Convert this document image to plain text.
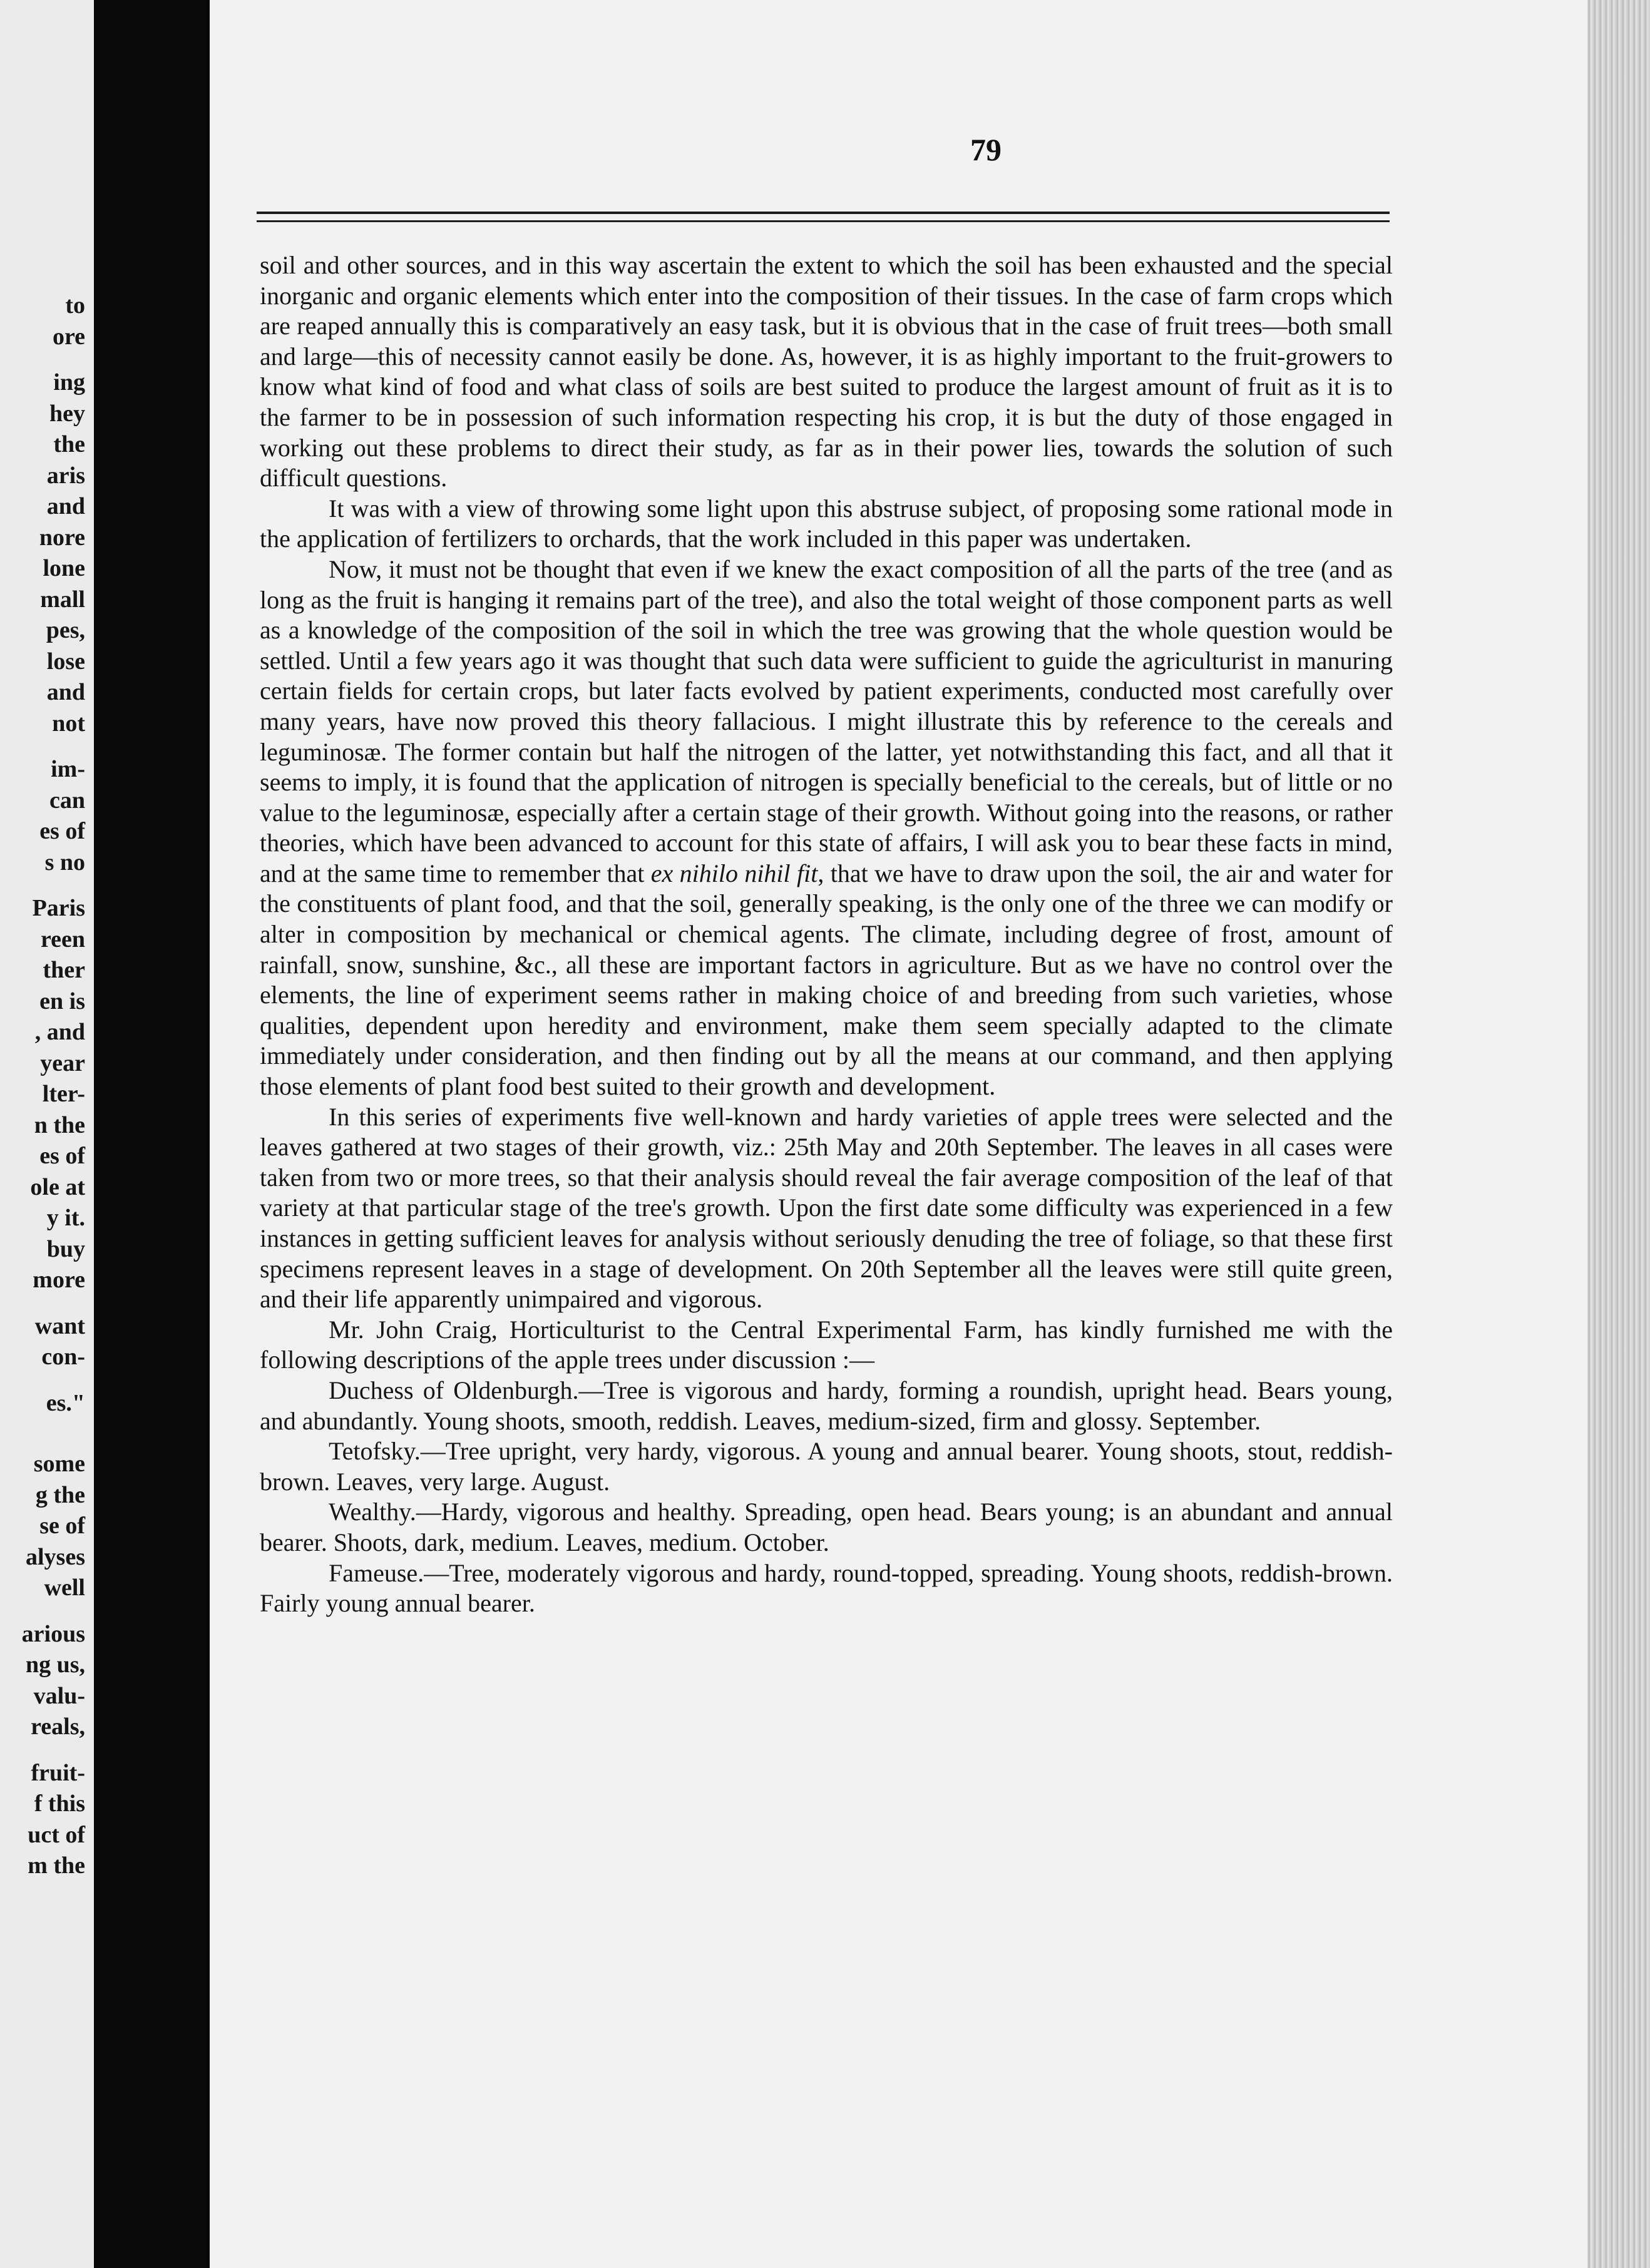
to
ore
ing
hey
the
aris
and
nore
lone
mall
pes,
lose
and
not
im-
can
es of
s no
Paris
reen
ther
en is
, and
year
lter-
n the
es of
ole at
y it.
buy
more
want
con-
es."
some
g the
se of
alyses
well
arious
ng us,
valu-
reals,
fruit-
f this
uct of
m the
79

soil and other sources, and in this way ascertain the extent to which the soil has been exhausted and the special inorganic and organic elements which enter into the composition of their tissues. In the case of farm crops which are reaped annually this is comparatively an easy task, but it is obvious that in the case of fruit trees—both small and large—this of necessity cannot easily be done. As, however, it is as highly important to the fruit-growers to know what kind of food and what class of soils are best suited to produce the largest amount of fruit as it is to the farmer to be in possession of such information respecting his crop, it is but the duty of those engaged in working out these problems to direct their study, as far as in their power lies, towards the solution of such difficult questions.

It was with a view of throwing some light upon this abstruse subject, of proposing some rational mode in the application of fertilizers to orchards, that the work included in this paper was undertaken.

Now, it must not be thought that even if we knew the exact composition of all the parts of the tree (and as long as the fruit is hanging it remains part of the tree), and also the total weight of those component parts as well as a knowledge of the composition of the soil in which the tree was growing that the whole question would be settled. Until a few years ago it was thought that such data were sufficient to guide the agriculturist in manuring certain fields for certain crops, but later facts evolved by patient experiments, conducted most carefully over many years, have now proved this theory fallacious. I might illustrate this by reference to the cereals and leguminosæ. The former contain but half the nitrogen of the latter, yet notwithstanding this fact, and all that it seems to imply, it is found that the application of nitrogen is specially beneficial to the cereals, but of little or no value to the leguminosæ, especially after a certain stage of their growth. Without going into the reasons, or rather theories, which have been advanced to account for this state of affairs, I will ask you to bear these facts in mind, and at the same time to remember that ex nihilo nihil fit, that we have to draw upon the soil, the air and water for the constituents of plant food, and that the soil, generally speaking, is the only one of the three we can modify or alter in composition by mechanical or chemical agents. The climate, including degree of frost, amount of rainfall, snow, sunshine, &c., all these are important factors in agriculture. But as we have no control over the elements, the line of experiment seems rather in making choice of and breeding from such varieties, whose qualities, dependent upon heredity and environment, make them seem specially adapted to the climate immediately under consideration, and then finding out by all the means at our command, and then applying those elements of plant food best suited to their growth and development.

In this series of experiments five well-known and hardy varieties of apple trees were selected and the leaves gathered at two stages of their growth, viz.: 25th May and 20th September. The leaves in all cases were taken from two or more trees, so that their analysis should reveal the fair average composition of the leaf of that variety at that particular stage of the tree's growth. Upon the first date some difficulty was experienced in a few instances in getting sufficient leaves for analysis without seriously denuding the tree of foliage, so that these first specimens represent leaves in a stage of development. On 20th September all the leaves were still quite green, and their life apparently unimpaired and vigorous.

Mr. John Craig, Horticulturist to the Central Experimental Farm, has kindly furnished me with the following descriptions of the apple trees under discussion :—

Duchess of Oldenburgh.—Tree is vigorous and hardy, forming a roundish, upright head. Bears young, and abundantly. Young shoots, smooth, reddish. Leaves, medium-sized, firm and glossy. September.

Tetofsky.—Tree upright, very hardy, vigorous. A young and annual bearer. Young shoots, stout, reddish-brown. Leaves, very large. August.

Wealthy.—Hardy, vigorous and healthy. Spreading, open head. Bears young; is an abundant and annual bearer. Shoots, dark, medium. Leaves, medium. October.

Fameuse.—Tree, moderately vigorous and hardy, round-topped, spreading. Young shoots, reddish-brown. Fairly young annual bearer.
